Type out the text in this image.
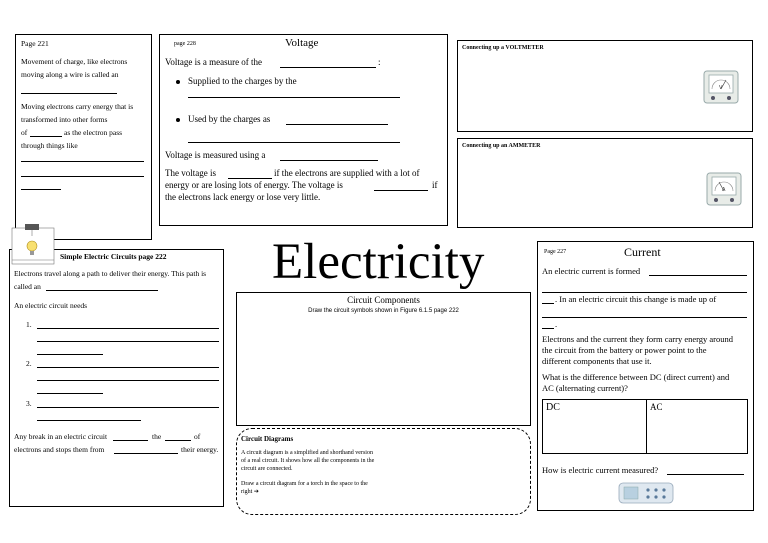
Page 221
Movement of charge, like electrons
moving along a wire is called an
Moving electrons carry energy that is
transformed into other forms
of	as the electron pass
through things like
page 228	Voltage
Voltage is a measure of the	:
Supplied to the charges by the
Used by the charges as
Voltage is measured using a
The voltage is	if the electrons are supplied with a lot of
energy or are losing lots of energy. The voltage is	if
the electrons lack energy or lose very little.
Connecting up a VOLTMETER
V
Connecting up an AMMETER
A
Electricity
Simple Electric Circuits page 222
Electrons travel along a path to deliver their energy. This path is
called an
An electric circuit needs
1.
2.
3.
Any break in an electric circuit	the	of
electrons and stops them from	their energy.
Circuit Components
Draw the circuit symbols shown in Figure 6.1.5 page 222
Circuit Diagrams
A circuit diagram is a simplified and shorthand version
of a real circuit. It shows how all the components in the
circuit are connected.
Draw a circuit diagram for a torch in the space to the
right ➔
Page 227	Current
An electric current is formed
. In an electric circuit this change is made up of
.
Electrons and the current they form carry energy around
the circuit from the battery or power point to the
different components that use it.
What is the difference between DC (direct current) and
AC (alternating current)?
DC	AC
How is electric current measured?
